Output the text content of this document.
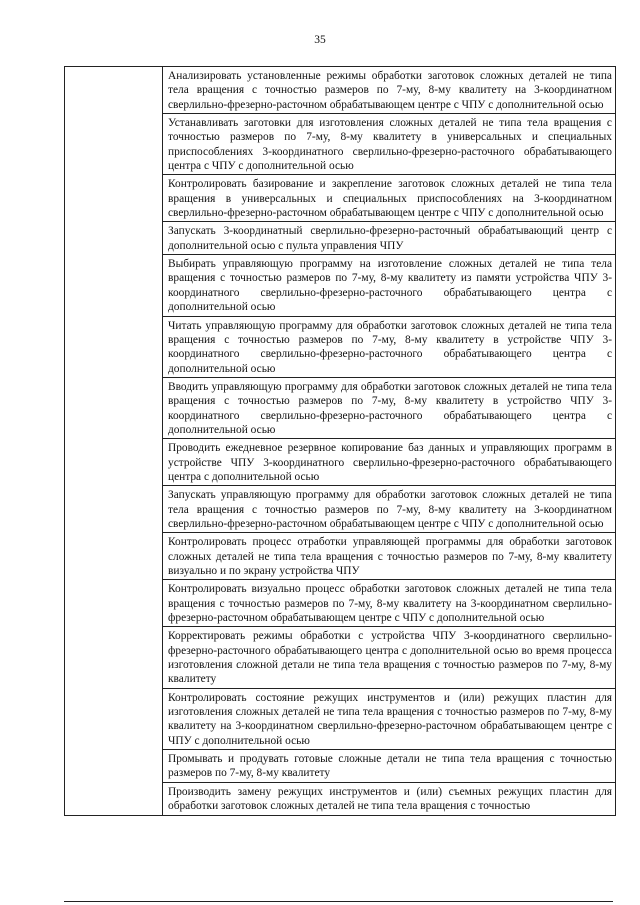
35

Анализировать установленные режимы обработки заготовок сложных деталей не типа тела вращения с точностью размеров по 7-му, 8-му квалитету на 3-координатном сверлильно-фрезерно-расточном обрабатывающем центре с ЧПУ с дополнительной осью

Устанавливать заготовки для изготовления сложных деталей не типа тела вращения с точностью размеров по 7-му, 8-му квалитету в универсальных и специальных приспособлениях 3-координатного сверлильно-фрезерно-расточного обрабатывающего центра с ЧПУ с дополнительной осью

Контролировать базирование и закрепление заготовок сложных деталей не типа тела вращения в универсальных и специальных приспособлениях на 3-координатном сверлильно-фрезерно-расточном обрабатывающем центре с ЧПУ с дополнительной осью

Запускать 3-координатный сверлильно-фрезерно-расточный обрабатывающий центр с дополнительной осью с пульта управления ЧПУ

Выбирать управляющую программу на изготовление сложных деталей не типа тела вращения с точностью размеров по 7-му, 8-му квалитету из памяти устройства ЧПУ 3-координатного сверлильно-фрезерно-расточного обрабатывающего центра с дополнительной осью

Читать управляющую программу для обработки заготовок сложных деталей не типа тела вращения с точностью размеров по 7-му, 8-му квалитету в устройстве ЧПУ 3-координатного сверлильно-фрезерно-расточного обрабатывающего центра с дополнительной осью

Вводить управляющую программу для обработки заготовок сложных деталей не типа тела вращения с точностью размеров по 7-му, 8-му квалитету в устройство ЧПУ 3-координатного сверлильно-фрезерно-расточного обрабатывающего центра с дополнительной осью

Проводить ежедневное резервное копирование баз данных и управляющих программ в устройстве ЧПУ 3-координатного сверлильно-фрезерно-расточного обрабатывающего центра с дополнительной осью

Запускать управляющую программу для обработки заготовок сложных деталей не типа тела вращения с точностью размеров по 7-му, 8-му квалитету на 3-координатном сверлильно-фрезерно-расточном обрабатывающем центре с ЧПУ с дополнительной осью

Контролировать процесс отработки управляющей программы для обработки заготовок сложных деталей не типа тела вращения с точностью размеров по 7-му, 8-му квалитету визуально и по экрану устройства ЧПУ

Контролировать визуально процесс обработки заготовок сложных деталей не типа тела вращения с точностью размеров по 7-му, 8-му квалитету на 3-координатном сверлильно-фрезерно-расточном обрабатывающем центре с ЧПУ с дополнительной осью

Корректировать режимы обработки с устройства ЧПУ 3-координатного сверлильно-фрезерно-расточного обрабатывающего центра с дополнительной осью во время процесса изготовления сложной детали не типа тела вращения с точностью размеров по 7-му, 8-му квалитету

Контролировать состояние режущих инструментов и (или) режущих пластин для изготовления сложных деталей не типа тела вращения с точностью размеров по 7-му, 8-му квалитету на 3-координатном сверлильно-фрезерно-расточном обрабатывающем центре с ЧПУ с дополнительной осью

Промывать и продувать готовые сложные детали не типа тела вращения с точностью размеров по 7-му, 8-му квалитету

Производить замену режущих инструментов и (или) съемных режущих пластин для обработки заготовок сложных деталей не типа тела вращения с точностью
